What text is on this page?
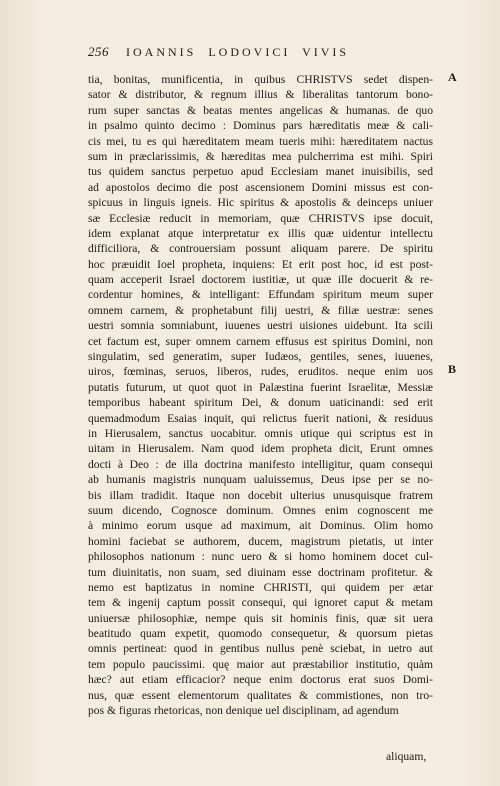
256 IOANNIS LODOVICI VIVIS
tia, bonitas, munificentia, in quibus CHRISTVS sedet dispen-
sator & distributor, & regnum illius & liberalitas tantorum bono-
rum super sanctas & beatas mentes angelicas & humanas. de quo
in psalmo quinto decimo : Dominus pars hæreditatis meæ & cali-
cis mei, tu es qui hæreditatem meam tueris mihi: hæreditatem nactus
sum in præclarissimis, & hæreditas mea pulcherrima est mihi. Spiri
tus quidem sanctus perpetuo apud Ecclesiam manet inuisibilis, sed
ad apostolos decimo die post ascensionem Domini missus est con-
spicuus in linguis igneis. Hic spiritus & apostolis & deinceps uniuer
sæ Ecclesiæ reducit in memoriam, quæ CHRISTVS ipse docuit,
idem explanat atque interpretatur ex illis quæ uidentur intellectu
difficiliora, & controuersiam possunt aliquam parere. De spiritu
hoc præuidit Ioel propheta, inquiens: Et erit post hoc, id est post-
quam acceperit Israel doctorem iustitiæ, ut quæ ille docuerit & re-
cordentur homines, & intelligant: Effundam spiritum meum super
omnem carnem, & prophetabunt filij uestri, & filiæ uestræ: senes
uestri somnia somniabunt, iuuenes uestri uisiones uidebunt. Ita scili
cet factum est, super omnem carnem effusus est spiritus Domini, non
singulatim, sed generatim, super Iudæos, gentiles, senes, iuuenes,
uiros, fœminas, seruos, liberos, rudes, eruditos. neque enim uos
putatis futurum, ut quot quot in Palæstina fuerint Israelitæ, Messiæ
temporibus habeant spiritum Dei, & donum uaticinandi: sed erit
quemadmodum Esaias inquit, qui relictus fuerit nationi, & residuus
in Hierusalem, sanctus uocabitur. omnis utique qui scriptus est in
uitam in Hierusalem. Nam quod idem propheta dicit, Erunt omnes
docti à Deo : de illa doctrina manifesto intelligitur, quam consequi
ab humanis magistris nunquam ualuissemus, Deus ipse per se no-
bis illam tradidit. Itaque non docebit ulterius unusquisque fratrem
suum dicendo, Cognosce dominum. Omnes enim cognoscent me
à minimo eorum usque ad maximum, ait Dominus. Olim homo
homini faciebat se authorem, ducem, magistrum pietatis, ut inter
philosophos nationum : nunc uero & si homo hominem docet cul-
tum diuinitatis, non suam, sed diuinam esse doctrinam profitetur. &
nemo est baptizatus in nomine CHRISTI, qui quidem per ætar
tem & ingenij captum possit consequi, qui ignoret caput & metam
uniuersæ philosophiæ, nempe quis sit hominis finis, quæ sit uera
beatitudo quam expetit, quomodo consequetur, & quorsum pietas
omnis pertineat: quod in gentibus nullus penè sciebat, in uetro aut
tem populo paucissimi. quę maior aut præstabilior institutio, quàm
hæc? aut etiam efficacior? neque enim doctorus erat suos Domi-
nus, quæ essent elementorum qualitates & commistiones, non tro-
pos & figuras rhetoricas, non denique uel disciplinam, ad agendum
A
B
aliquam,
